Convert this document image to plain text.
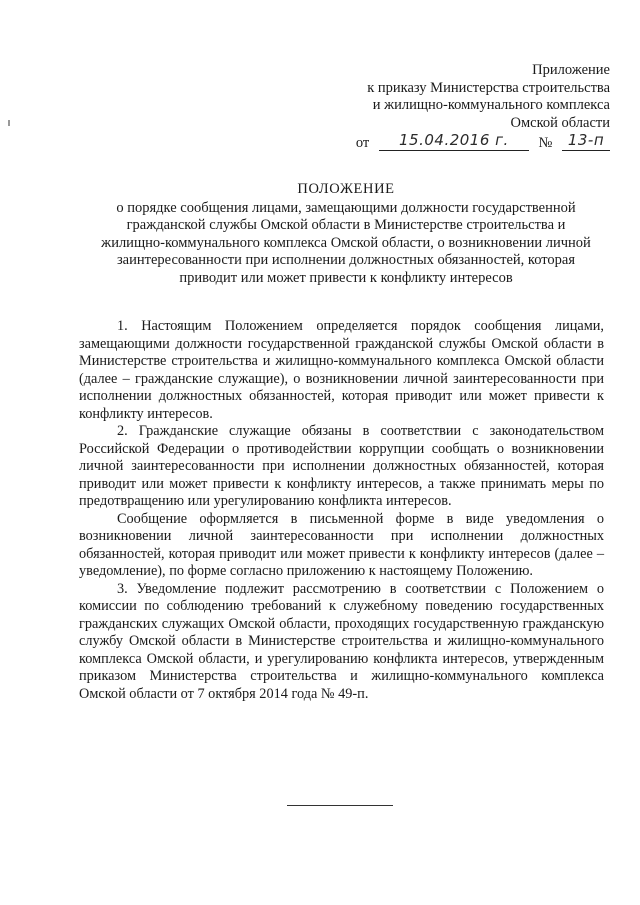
Приложение
к приказу Министерства строительства
и жилищно-коммунального комплекса
Омской области
от 15.04.2016 г. № 13-п
ПОЛОЖЕНИЕ
о порядке сообщения лицами, замещающими должности государственной гражданской службы Омской области в Министерстве строительства и жилищно-коммунального комплекса Омской области, о возникновении личной заинтересованности при исполнении должностных обязанностей, которая приводит или может привести к конфликту интересов

1. Настоящим Положением определяется порядок сообщения лицами, замещающими должности государственной гражданской службы Омской области в Министерстве строительства и жилищно-коммунального комплекса Омской области (далее – гражданские служащие), о возникновении личной заинтересованности при исполнении должностных обязанностей, которая приводит или может привести к конфликту интересов.

2. Гражданские служащие обязаны в соответствии с законодательством Российской Федерации о противодействии коррупции сообщать о возникновении личной заинтересованности при исполнении должностных обязанностей, которая приводит или может привести к конфликту интересов, а также принимать меры по предотвращению или урегулированию конфликта интересов.

Сообщение оформляется в письменной форме в виде уведомления о возникновении личной заинтересованности при исполнении должностных обязанностей, которая приводит или может привести к конфликту интересов (далее – уведомление), по форме согласно приложению к настоящему Положению.

3. Уведомление подлежит рассмотрению в соответствии с Положением о комиссии по соблюдению требований к служебному поведению государственных гражданских служащих Омской области, проходящих государственную гражданскую службу Омской области в Министерстве строительства и жилищно-коммунального комплекса Омской области, и урегулированию конфликта интересов, утвержденным приказом Министерства строительства и жилищно-коммунального комплекса Омской области от 7 октября 2014 года № 49-п.
